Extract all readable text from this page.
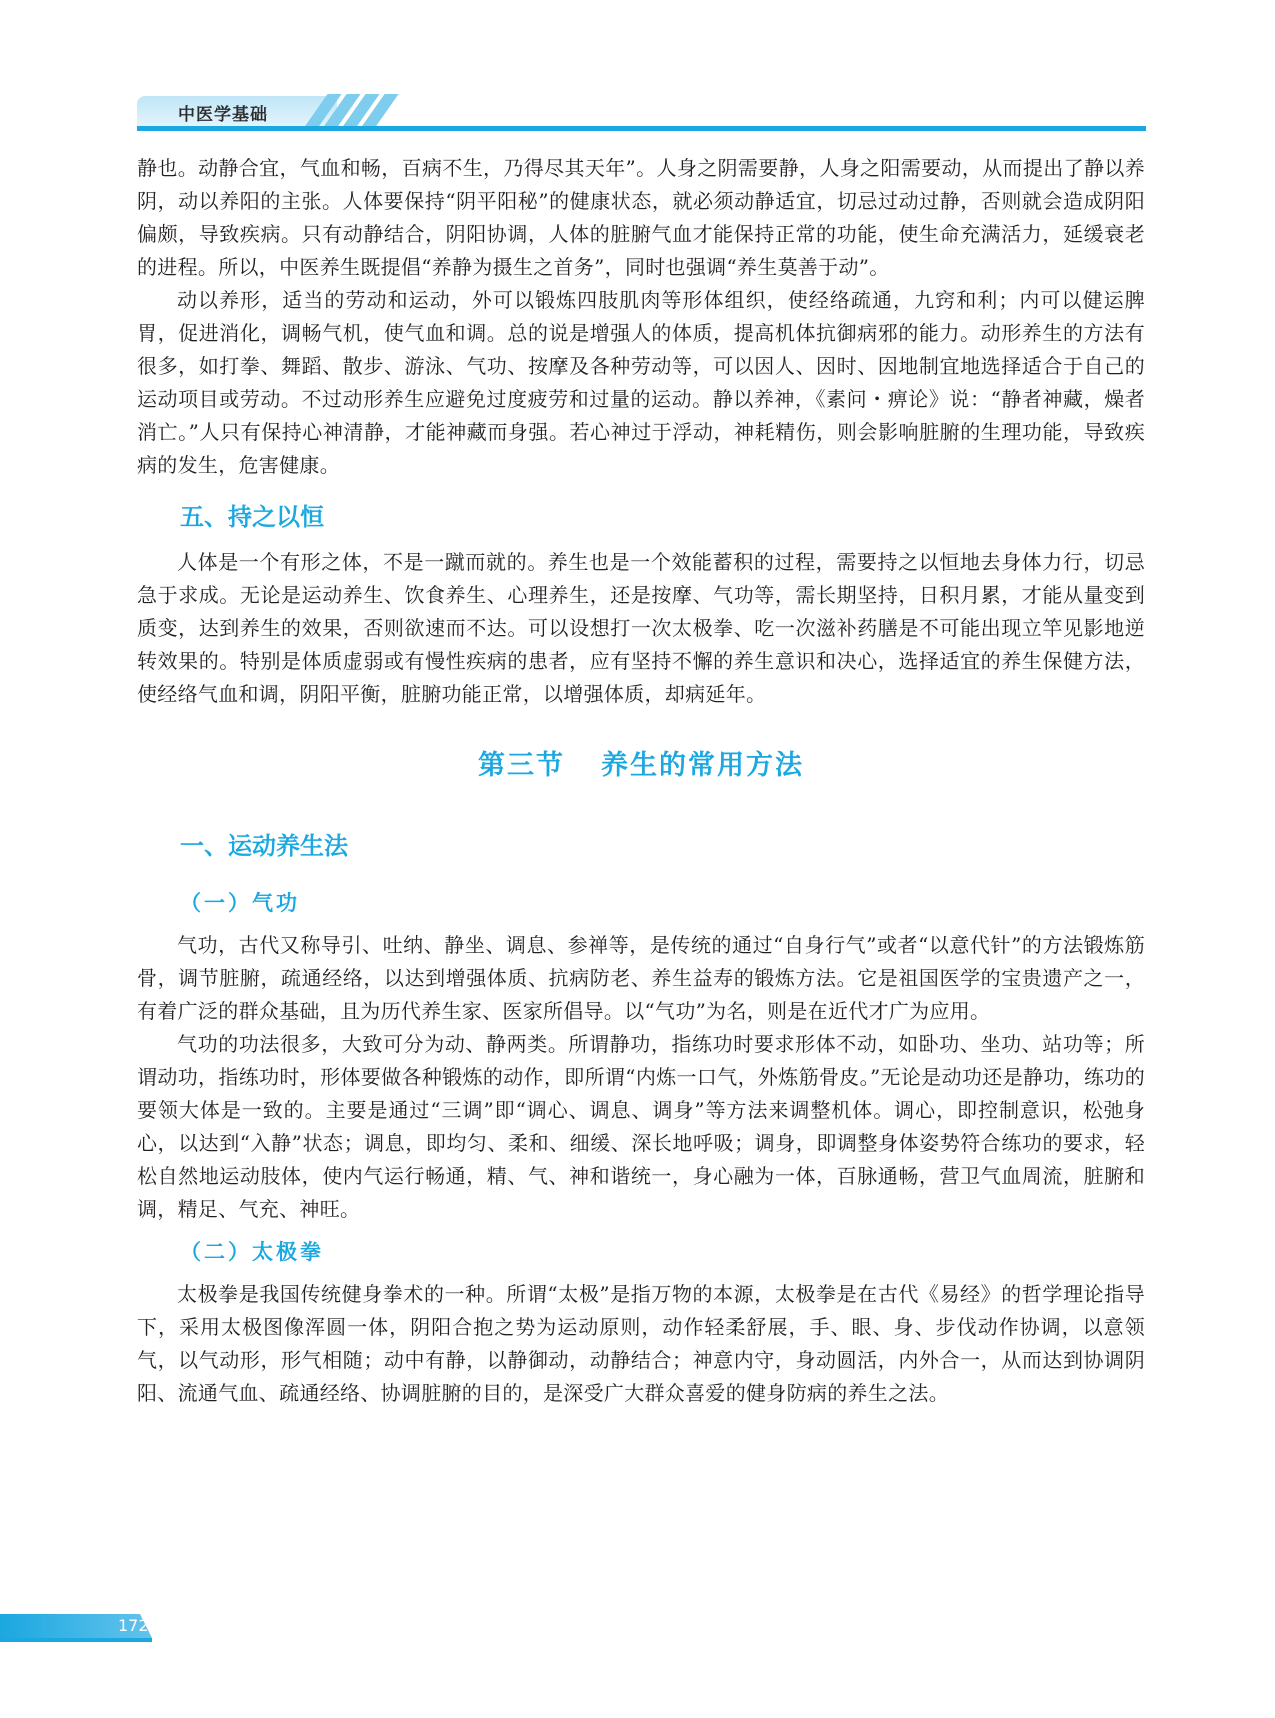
中医学基础

静也。动静合宜，气血和畅，百病不生，乃得尽其天年”。人身之阴需要静，人身之阳需要动，从而提出了静以养阴，动以养阳的主张。人体要保持“阴平阳秘”的健康状态，就必须动静适宜，切忌过动过静，否则就会造成阴阳偏颇，导致疾病。只有动静结合，阴阳协调，人体的脏腑气血才能保持正常的功能，使生命充满活力，延缓衰老的进程。所以，中医养生既提倡“养静为摄生之首务”，同时也强调“养生莫善于动”。

动以养形，适当的劳动和运动，外可以锻炼四肢肌肉等形体组织，使经络疏通，九窍和利；内可以健运脾胃，促进消化，调畅气机，使气血和调。总的说是增强人的体质，提高机体抗御病邪的能力。动形养生的方法有很多，如打拳、舞蹈、散步、游泳、气功、按摩及各种劳动等，可以因人、因时、因地制宜地选择适合于自己的运动项目或劳动。不过动形养生应避免过度疲劳和过量的运动。静以养神，《素问・痹论》说：“静者神藏，燥者消亡。”人只有保持心神清静，才能神藏而身强。若心神过于浮动，神耗精伤，则会影响脏腑的生理功能，导致疾病的发生，危害健康。

五、持之以恒

人体是一个有形之体，不是一蹴而就的。养生也是一个效能蓄积的过程，需要持之以恒地去身体力行，切忌急于求成。无论是运动养生、饮食养生、心理养生，还是按摩、气功等，需长期坚持，日积月累，才能从量变到质变，达到养生的效果，否则欲速而不达。可以设想打一次太极拳、吃一次滋补药膳是不可能出现立竿见影地逆转效果的。特别是体质虚弱或有慢性疾病的患者，应有坚持不懈的养生意识和决心，选择适宜的养生保健方法，使经络气血和调，阴阳平衡，脏腑功能正常，以增强体质，却病延年。

第三节 养生的常用方法
一、运动养生法
（一）气功

气功，古代又称导引、吐纳、静坐、调息、参禅等，是传统的通过“自身行气”或者“以意代针”的方法锻炼筋骨，调节脏腑，疏通经络，以达到增强体质、抗病防老、养生益寿的锻炼方法。它是祖国医学的宝贵遗产之一，有着广泛的群众基础，且为历代养生家、医家所倡导。以“气功”为名，则是在近代才广为应用。

气功的功法很多，大致可分为动、静两类。所谓静功，指练功时要求形体不动，如卧功、坐功、站功等；所谓动功，指练功时，形体要做各种锻炼的动作，即所谓“内炼一口气，外炼筋骨皮。”无论是动功还是静功，练功的要领大体是一致的。主要是通过“三调”即“调心、调息、调身”等方法来调整机体。调心，即控制意识，松弛身心，以达到“入静”状态；调息，即均匀、柔和、细缓、深长地呼吸；调身，即调整身体姿势符合练功的要求，轻松自然地运动肢体，使内气运行畅通，精、气、神和谐统一，身心融为一体，百脉通畅，营卫气血周流，脏腑和调，精足、气充、神旺。

（二）太极拳

太极拳是我国传统健身拳术的一种。所谓“太极”是指万物的本源，太极拳是在古代《易经》的哲学理论指导下，采用太极图像浑圆一体，阴阳合抱之势为运动原则，动作轻柔舒展，手、眼、身、步伐动作协调，以意领气，以气动形，形气相随；动中有静，以静御动，动静结合；神意内守，身动圆活，内外合一，从而达到协调阴阳、流通气血、疏通经络、协调脏腑的目的，是深受广大群众喜爱的健身防病的养生之法。

172
